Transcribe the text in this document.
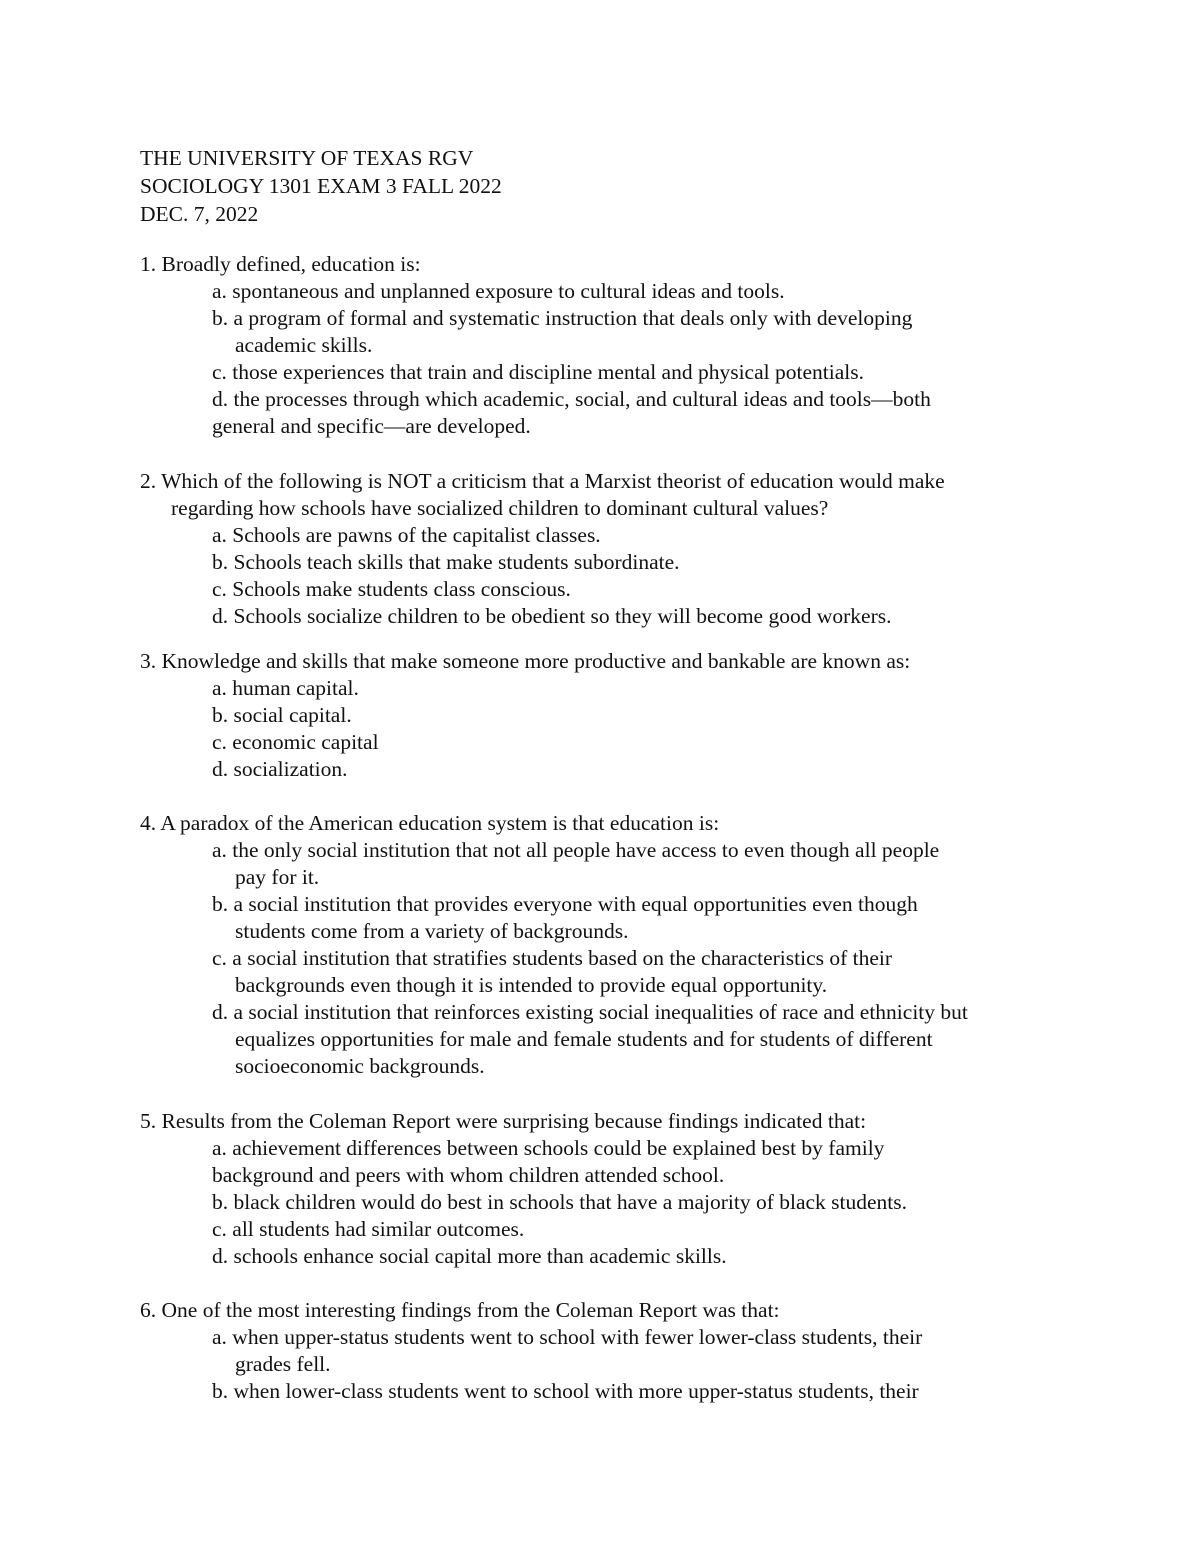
THE UNIVERSITY OF TEXAS RGV
SOCIOLOGY 1301 EXAM 3 FALL 2022
DEC. 7, 2022
1. Broadly defined, education is:
a. spontaneous and unplanned exposure to cultural ideas and tools.
b. a program of formal and systematic instruction that deals only with developing
academic skills.
c. those experiences that train and discipline mental and physical potentials.
d. the processes through which academic, social, and cultural ideas and tools—both
general and specific—are developed.
2. Which of the following is NOT a criticism that a Marxist theorist of education would make
regarding how schools have socialized children to dominant cultural values?
a. Schools are pawns of the capitalist classes.
b. Schools teach skills that make students subordinate.
c. Schools make students class conscious.
d. Schools socialize children to be obedient so they will become good workers.
3. Knowledge and skills that make someone more productive and bankable are known as:
a. human capital.
b. social capital.
c. economic capital
d. socialization.
4. A paradox of the American education system is that education is:
a. the only social institution that not all people have access to even though all people
pay for it.
b. a social institution that provides everyone with equal opportunities even though
students come from a variety of backgrounds.
c. a social institution that stratifies students based on the characteristics of their
backgrounds even though it is intended to provide equal opportunity.
d. a social institution that reinforces existing social inequalities of race and ethnicity but
equalizes opportunities for male and female students and for students of different
socioeconomic backgrounds.
5. Results from the Coleman Report were surprising because findings indicated that:
a. achievement differences between schools could be explained best by family
background and peers with whom children attended school.
b. black children would do best in schools that have a majority of black students.
c. all students had similar outcomes.
d. schools enhance social capital more than academic skills.
6. One of the most interesting findings from the Coleman Report was that:
a. when upper-status students went to school with fewer lower-class students, their
grades fell.
b. when lower-class students went to school with more upper-status students, their
